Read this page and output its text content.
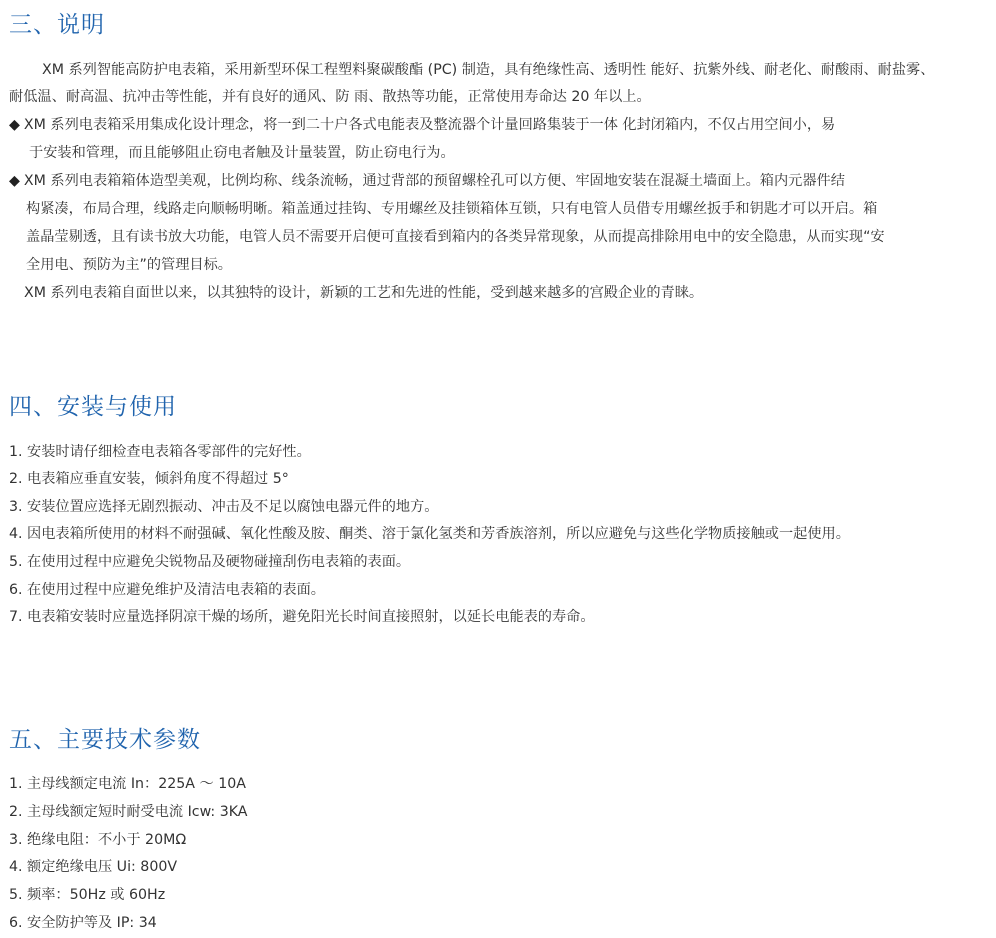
三、说明

XM 系列智能高防护电表箱，采用新型环保工程塑料聚碳酸酯 (PC) 制造，具有绝缘性高、透明性 能好、抗紫外线、耐老化、耐酸雨、耐盐雾、

耐低温、耐高温、抗冲击等性能，并有良好的通风、防 雨、散热等功能，正常使用寿命达 20 年以上。

◆ XM 系列电表箱采用集成化设计理念，将一到二十户各式电能表及整流器个计量回路集装于一体 化封闭箱内，不仅占用空间小，易

于安装和管理，而且能够阻止窃电者触及计量装置，防止窃电行为。

◆ XM 系列电表箱箱体造型美观，比例均称、线条流畅，通过背部的预留螺栓孔可以方便、牢固地安装在混凝土墙面上。箱内元器件结

构紧凑，布局合理，线路走向顺畅明晰。箱盖通过挂钩、专用螺丝及挂锁箱体互锁，只有电管人员借专用螺丝扳手和钥匙才可以开启。箱

盖晶莹剔透，且有读书放大功能，电管人员不需要开启便可直接看到箱内的各类异常现象，从而提高排除用电中的安全隐患，从而实现“安

全用电、预防为主”的管理目标。

XM 系列电表箱自面世以来，以其独特的设计，新颖的工艺和先进的性能，受到越来越多的宫殿企业的青睐。

四、安装与使用

1. 安装时请仔细检查电表箱各零部件的完好性。

2. 电表箱应垂直安装，倾斜角度不得超过 5°

3. 安装位置应选择无剧烈振动、冲击及不足以腐蚀电器元件的地方。

4. 因电表箱所使用的材料不耐强碱、氧化性酸及胺、酮类、溶于氯化氢类和芳香族溶剂，所以应避免与这些化学物质接触或一起使用。

5. 在使用过程中应避免尖锐物品及硬物碰撞刮伤电表箱的表面。

6. 在使用过程中应避免维护及清洁电表箱的表面。

7. 电表箱安装时应量选择阴凉干燥的场所，避免阳光长时间直接照射，以延长电能表的寿命。

五、主要技术参数

1. 主母线额定电流 In：225A ～ 10A

2. 主母线额定短时耐受电流 Icw: 3KA

3. 绝缘电阻：不小于 20MΩ

4. 额定绝缘电压 Ui: 800V

5. 频率：50Hz 或 60Hz

6. 安全防护等及 IP: 34
